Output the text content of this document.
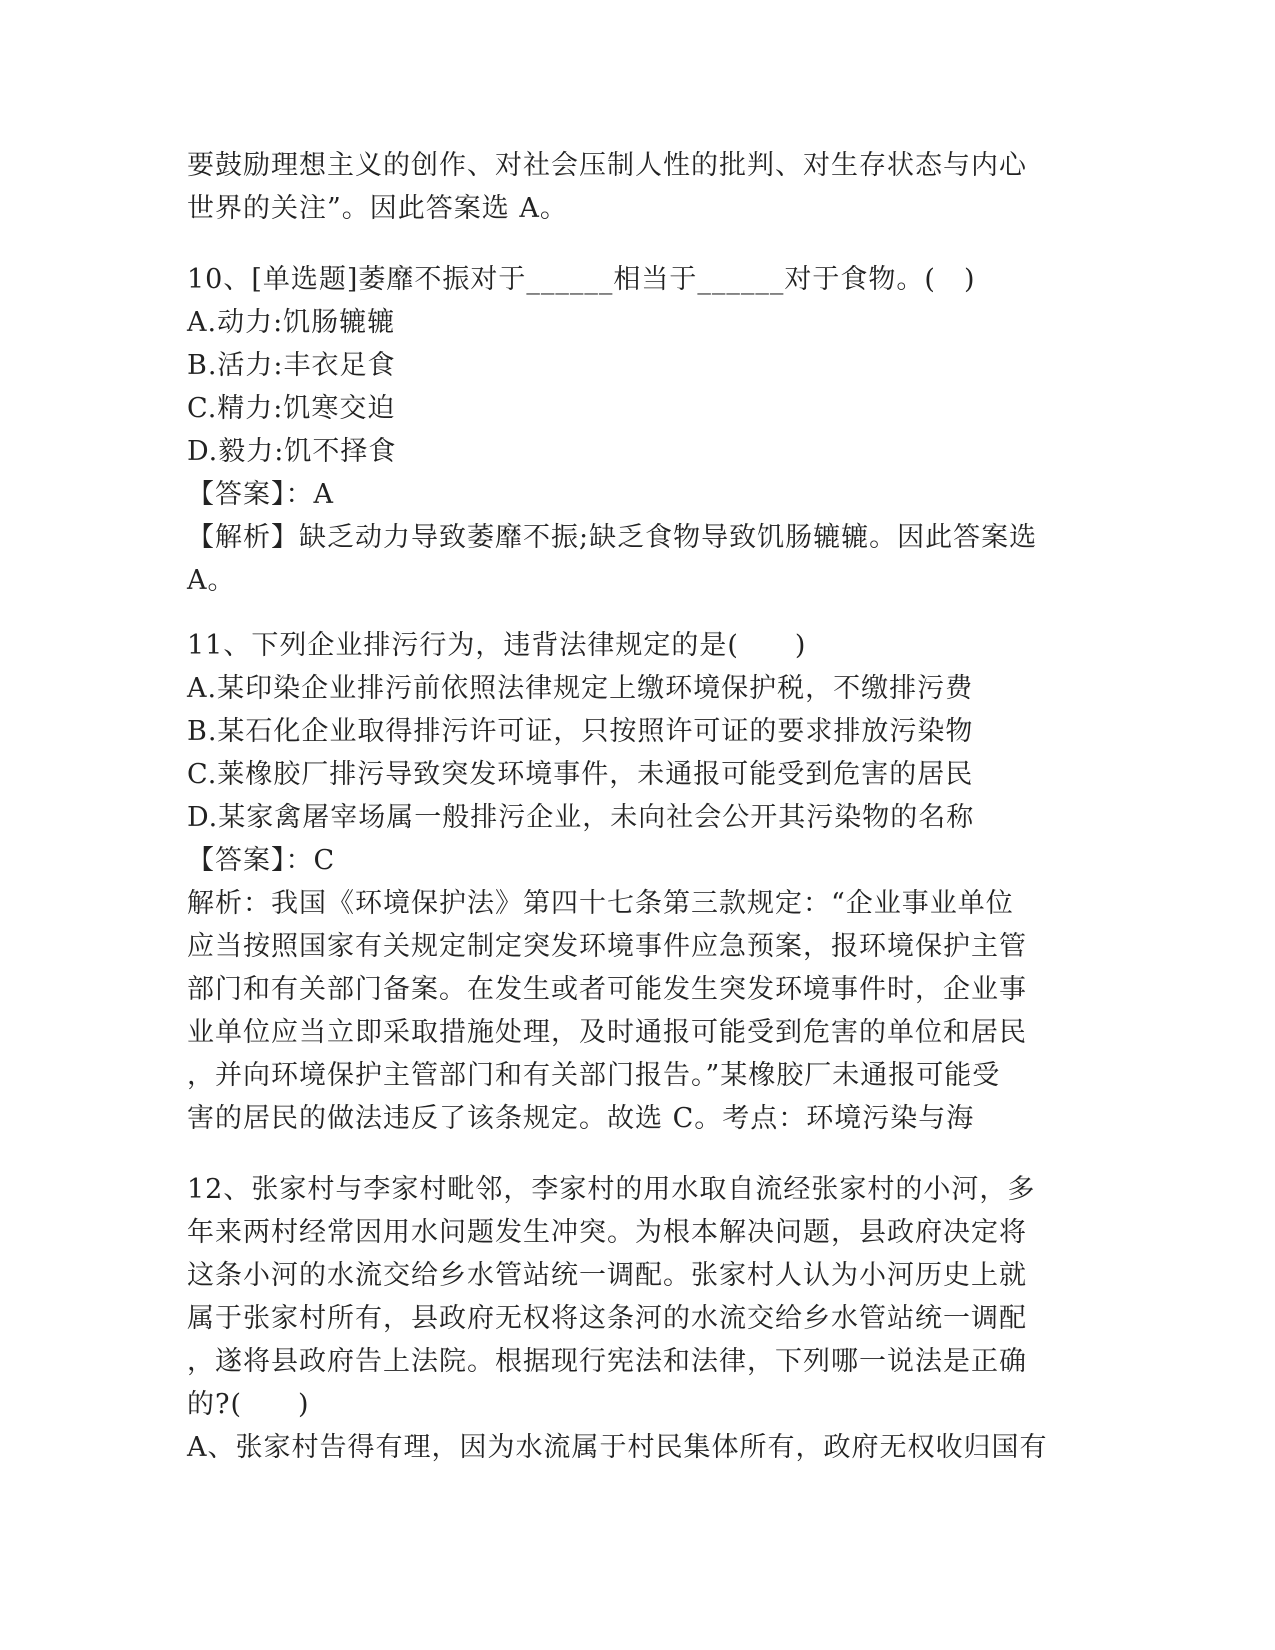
要鼓励理想主义的创作、对社会压制人性的批判、对生存状态与内心
世界的关注”。因此答案选 A。
10、[单选题]萎靡不振对于______相当于______对于食物。(　)
A.动力:饥肠辘辘
B.活力:丰衣足食
C.精力:饥寒交迫
D.毅力:饥不择食
【答案】：A
【解析】缺乏动力导致萎靡不振;缺乏食物导致饥肠辘辘。因此答案选
A。
11、下列企业排污行为，违背法律规定的是(　　)
A.某印染企业排污前依照法律规定上缴环境保护税，不缴排污费
B.某石化企业取得排污许可证，只按照许可证的要求排放污染物
C.莱橡胶厂排污导致突发环境事件，未通报可能受到危害的居民
D.某家禽屠宰场属一般排污企业，未向社会公开其污染物的名称
【答案】：C
解析：我国《环境保护法》第四十七条第三款规定：“企业事业单位
应当按照国家有关规定制定突发环境事件应急预案，报环境保护主管
部门和有关部门备案。在发生或者可能发生突发环境事件时，企业事
业单位应当立即采取措施处理，及时通报可能受到危害的单位和居民
，并向环境保护主管部门和有关部门报告。”某橡胶厂未通报可能受
害的居民的做法违反了该条规定。故选 C。考点：环境污染与海
12、张家村与李家村毗邻，李家村的用水取自流经张家村的小河，多
年来两村经常因用水问题发生冲突。为根本解决问题，县政府决定将
这条小河的水流交给乡水管站统一调配。张家村人认为小河历史上就
属于张家村所有，县政府无权将这条河的水流交给乡水管站统一调配
，遂将县政府告上法院。根据现行宪法和法律，下列哪一说法是正确
的?(　　)
A、张家村告得有理，因为水流属于村民集体所有，政府无权收归国有
